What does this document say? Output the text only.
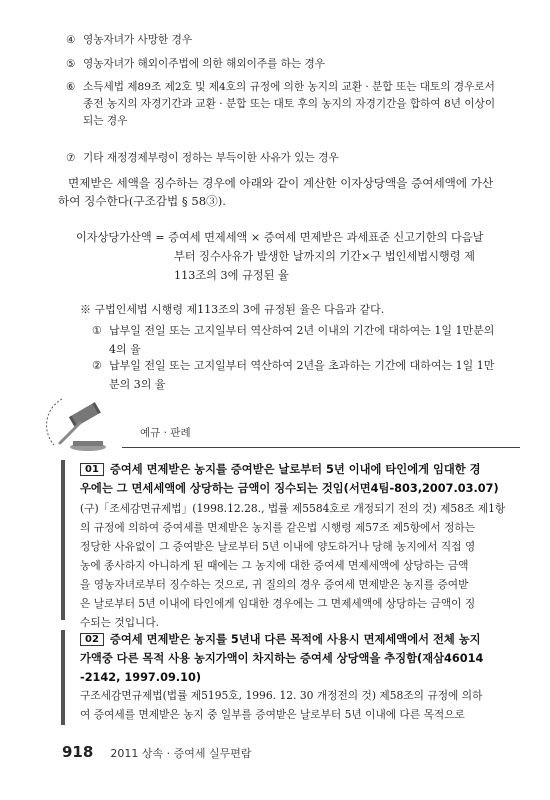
④ 영농자녀가 사망한 경우
⑤ 영농자녀가 해외이주법에 의한 해외이주를 하는 경우
⑥ 소득세법 제89조 제2호 및 제4호의 규정에 의한 농지의 교환 · 분합 또는 대토의 경우로서
종전 농지의 자경기간과 교환 · 분합 또는 대토 후의 농지의 자경기간을 합하여 8년 이상이
되는 경우
⑦ 기타 재정경제부령이 정하는 부득이한 사유가 있는 경우
면제받은 세액을 징수하는 경우에 아래와 같이 계산한 이자상당액을 증여세액에 가산
하여 징수한다(구조감법 § 58③).
이자상당가산액 = 증여세 면제세액 × 증여세 면제받은 과세표준 신고기한의 다음날
부터 징수사유가 발생한 날까지의 기간×구 법인세법시행령 제
113조의 3에 규정된 율
※ 구법인세법 시행령 제113조의 3에 규정된 율은 다음과 같다.
① 납부일 전일 또는 고지일부터 역산하여 2년 이내의 기간에 대하여는 1일 1만분의
4의 율
② 납부일 전일 또는 고지일부터 역산하여 2년을 초과하는 기간에 대하여는 1일 1만
분의 3의 율
예규 · 판례
01 증여세 면제받은 농지를 증여받은 날로부터 5년 이내에 타인에게 임대한 경
우에는 그 면세세액에 상당하는 금액이 징수되는 것임(서면4팀-803,2007.03.07)
(구)「조세감면규제법」(1998.12.28., 법률 제5584호로 개정되기 전의 것) 제58조 제1항
의 규정에 의하여 증여세를 면제받은 농지를 같은법 시행령 제57조 제5항에서 정하는
정당한 사유없이 그 증여받은 날로부터 5년 이내에 양도하거나 당해 농지에서 직접 영
농에 종사하지 아니하게 된 때에는 그 농지에 대한 증여세 면제세액에 상당하는 금액
을 영농자녀로부터 징수하는 것으로, 귀 질의의 경우 증여세 면제받은 농지를 증여받
은 날로부터 5년 이내에 타인에게 임대한 경우에는 그 면제세액에 상당하는 금액이 징
수되는 것입니다.
02 증여세 면제받은 농지를 5년내 다른 목적에 사용시 면제세액에서 전체 농지
가액중 다른 목적 사용 농지가액이 차지하는 증여세 상당액을 추징함(재삼46014
-2142, 1997.09.10)
구조세감면규제법(법률 제5195호, 1996. 12. 30 개정전의 것) 제58조의 규정에 의하
여 증여세를 면제받은 농지 중 일부를 증여받은 날로부터 5년 이내에 다른 목적으로
918 2011 상속 · 증여세 실무편람
